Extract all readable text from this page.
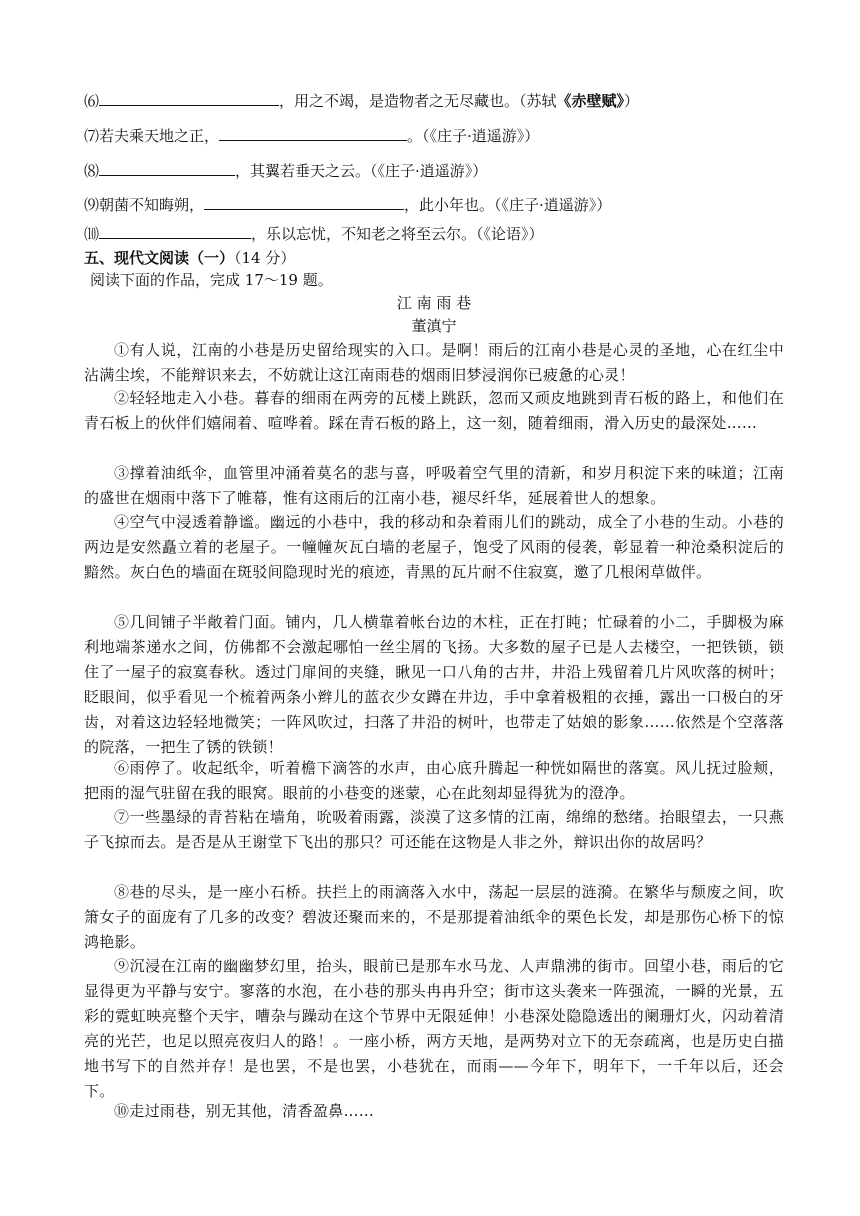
⑹	，用之不竭，是造物者之无尽藏也。（苏轼《赤壁赋》）
⑺若夫乘天地之正，	。（《庄子·逍遥游》）
⑻	，其翼若垂天之云。（《庄子·逍遥游》）
⑼朝菌不知晦朔，	，此小年也。（《庄子·逍遥游》）
⑽	，乐以忘忧，不知老之将至云尔。（《论语》）
五、现代文阅读（一）（14 分）
阅读下面的作品，完成 17～19 题。
江 南 雨 巷
董滇宁
①有人说，江南的小巷是历史留给现实的入口。是啊！雨后的江南小巷是心灵的圣地，心在红尘中沾满尘埃，不能辩识来去，不妨就让这江南雨巷的烟雨旧梦浸润你已疲惫的心灵！
②轻轻地走入小巷。暮春的细雨在两旁的瓦楼上跳跃，忽而又顽皮地跳到青石板的路上，和他们在青石板上的伙伴们嬉闹着、喧哗着。踩在青石板的路上，这一刻，随着细雨，滑入历史的最深处……
③撑着油纸伞，血管里冲涌着莫名的悲与喜，呼吸着空气里的清新，和岁月积淀下来的味道；江南的盛世在烟雨中落下了帷幕，惟有这雨后的江南小巷，褪尽纤华，延展着世人的想象。
④空气中浸透着静谧。幽远的小巷中，我的移动和杂着雨儿们的跳动，成全了小巷的生动。小巷的两边是安然矗立着的老屋子。一幢幢灰瓦白墙的老屋子，饱受了风雨的侵袭，彰显着一种沧桑积淀后的黯然。灰白色的墙面在斑驳间隐现时光的痕迹，青黑的瓦片耐不住寂寞，邀了几根闲草做伴。
⑤几间铺子半敞着门面。铺内，几人横靠着帐台边的木柱，正在打盹；忙碌着的小二，手脚极为麻利地端茶递水之间，仿佛都不会激起哪怕一丝尘屑的飞扬。大多数的屋子已是人去楼空，一把铁锁，锁住了一屋子的寂寞春秋。透过门扉间的夹缝，瞅见一口八角的古井，井沿上残留着几片风吹落的树叶；眨眼间，似乎看见一个梳着两条小辫儿的蓝衣少女蹲在井边，手中拿着极粗的衣捶，露出一口极白的牙齿，对着这边轻轻地微笑；一阵风吹过，扫落了井沿的树叶，也带走了姑娘的影象……依然是个空落落的院落，一把生了锈的铁锁！
⑥雨停了。收起纸伞，听着檐下滴答的水声，由心底升腾起一种恍如隔世的落寞。风儿抚过脸颊，把雨的湿气驻留在我的眼窝。眼前的小巷变的迷蒙，心在此刻却显得犹为的澄净。
⑦一些墨绿的青苔粘在墙角，吮吸着雨露，淡漠了这多情的江南，绵绵的愁绪。抬眼望去，一只燕子飞掠而去。是否是从王谢堂下飞出的那只？可还能在这物是人非之外，辩识出你的故居吗？
⑧巷的尽头，是一座小石桥。扶拦上的雨滴落入水中，荡起一层层的涟漪。在繁华与颓废之间，吹箫女子的面庞有了几多的改变？碧波还聚而来的，不是那提着油纸伞的栗色长发，却是那伤心桥下的惊鸿艳影。
⑨沉浸在江南的幽幽梦幻里，抬头，眼前已是那车水马龙、人声鼎沸的街市。回望小巷，雨后的它显得更为平静与安宁。寥落的水泡，在小巷的那头冉冉升空；街市这头袭来一阵强流，一瞬的光景，五彩的霓虹映亮整个天宇，嘈杂与躁动在这个节界中无限延伸！小巷深处隐隐透出的阑珊灯火，闪动着清亮的光芒，也足以照亮夜归人的路！。一座小桥，两方天地，是两势对立下的无奈疏离，也是历史白描地书写下的自然并存！是也罢，不是也罢，小巷犹在，而雨——今年下，明年下，一千年以后，还会下。
⑩走过雨巷，别无其他，清香盈鼻……
